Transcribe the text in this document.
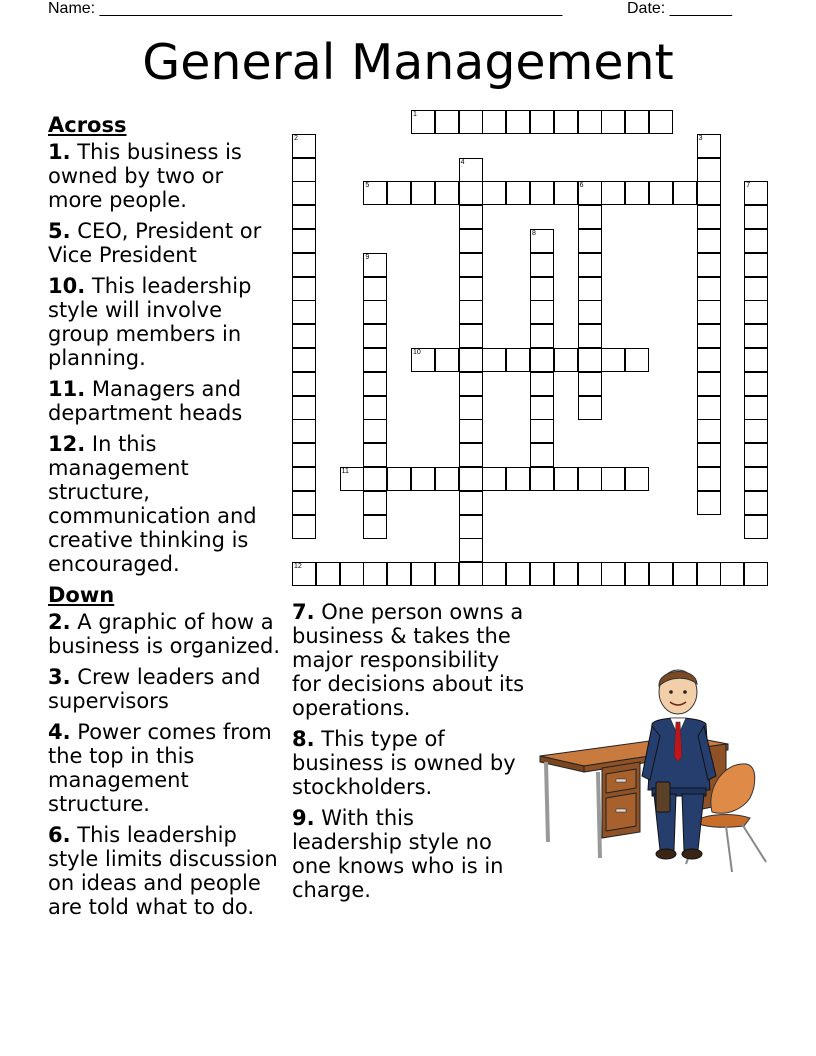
Name: ____________________________________________________	Date: _______
General Management
1
2	3
4
5	6	7
8
9
10
11
12
Across
1. This business is owned by two or more people.
5. CEO, President or Vice President
10. This leadership style will involve group members in planning.
11. Managers and department heads
12. In this management structure, communication and creative thinking is encouraged.
Down
2. A graphic of how a business is organized.
3. Crew leaders and supervisors
4. Power comes from the top in this management structure.
6. This leadership style limits discussion on ideas and people are told what to do.
7. One person owns a business & takes the major responsibility for decisions about its operations.
8. This type of business is owned by stockholders.
9. With this leadership style no one knows who is in charge.
